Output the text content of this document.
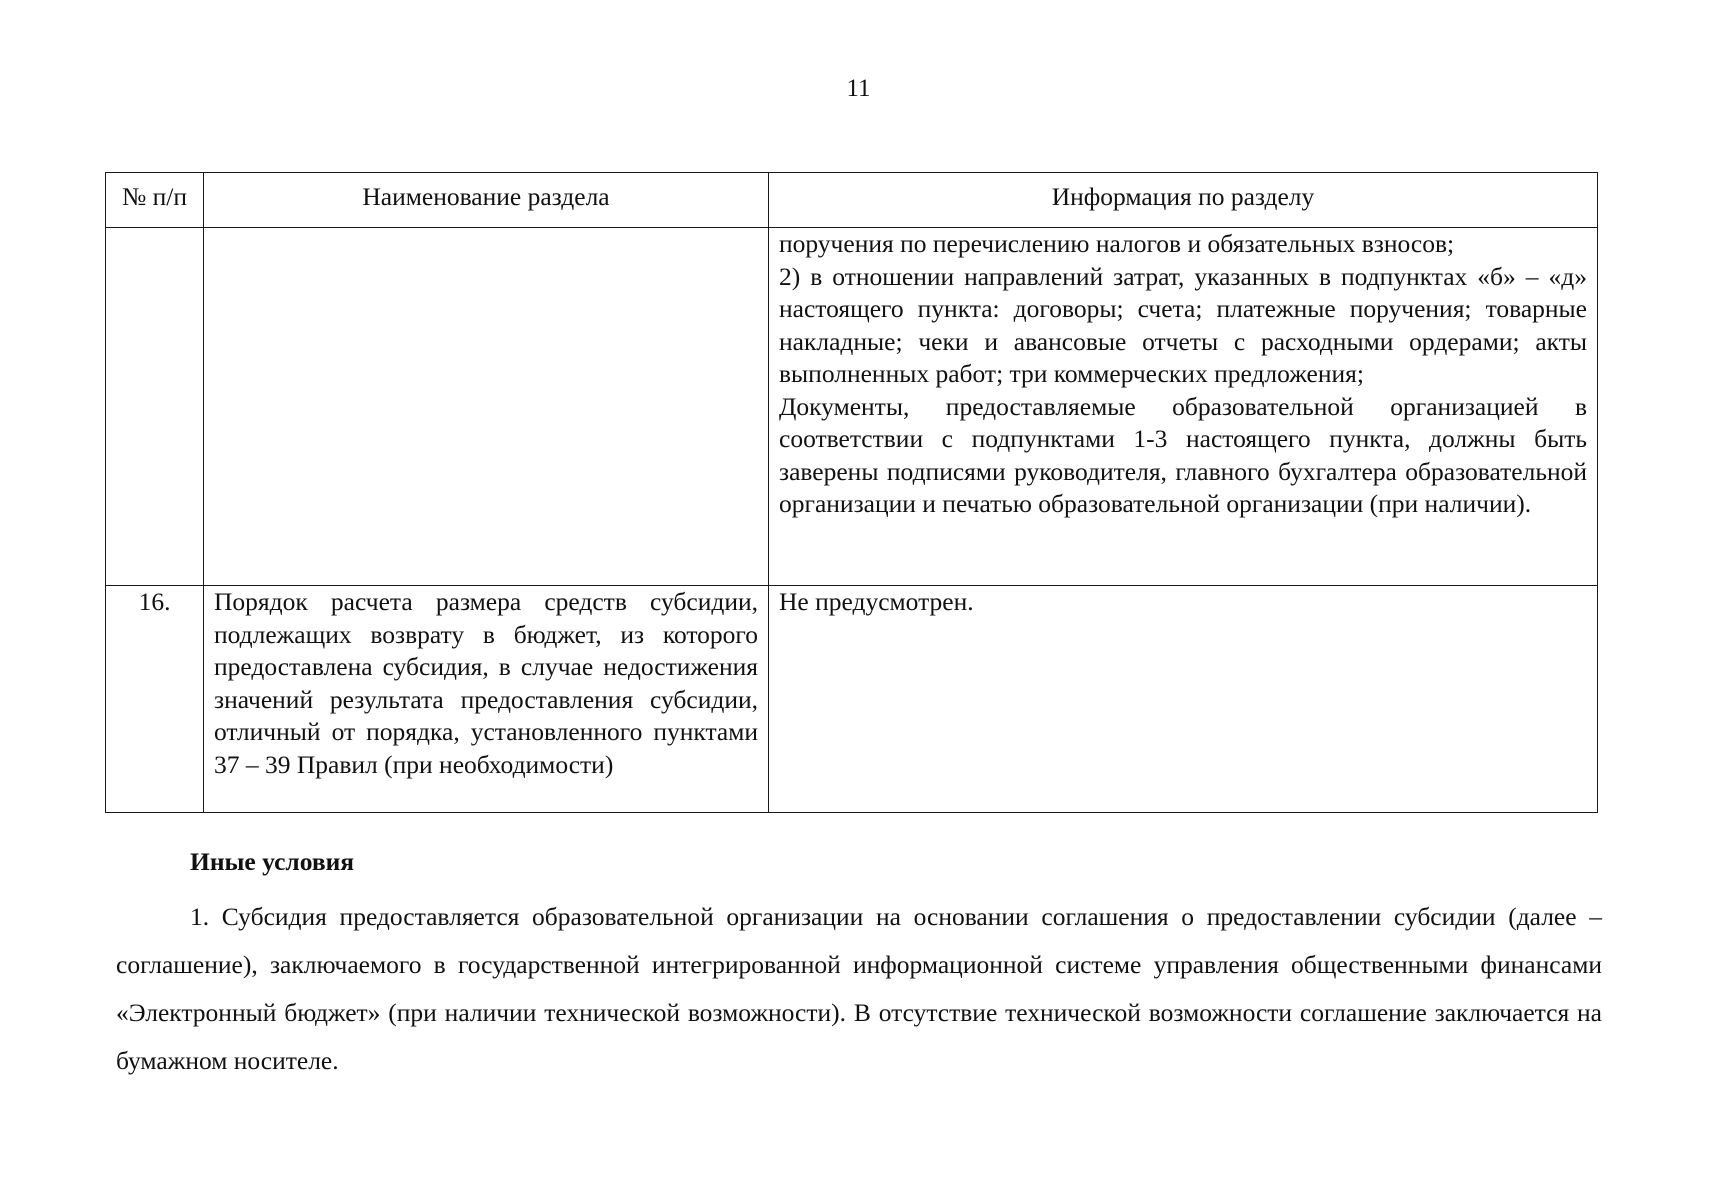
11
№ п/п	Наименование раздела	Информация по разделу

		поручения по перечислению налогов и обязательных взносов;
2) в отношении направлений затрат, указанных в подпунктах «б» – «д» настоящего пункта: договоры; счета; платежные поручения; товарные накладные; чеки и авансовые отчеты с расходными ордерами; акты выполненных работ; три коммерческих предложения;
Документы, предоставляемые образовательной организацией в соответствии с подпунктами 1-3 настоящего пункта, должны быть заверены подписями руководителя, главного бухгалтера образовательной организации и печатью образовательной организации (при наличии).

16.	Порядок расчета размера средств субсидии, подлежащих возврату в бюджет, из которого предоставлена субсидия, в случае недостижения значений результата предоставления субсидии, отличный от порядка, установленного пунктами 37 – 39 Правил (при необходимости)	Не предусмотрен.
Иные условия

1. Субсидия предоставляется образовательной организации на основании соглашения о предоставлении субсидии (далее – соглашение), заключаемого в государственной интегрированной информационной системе управления общественными финансами «Электронный бюджет» (при наличии технической возможности). В отсутствие технической возможности соглашение заключается на бумажном носителе.
